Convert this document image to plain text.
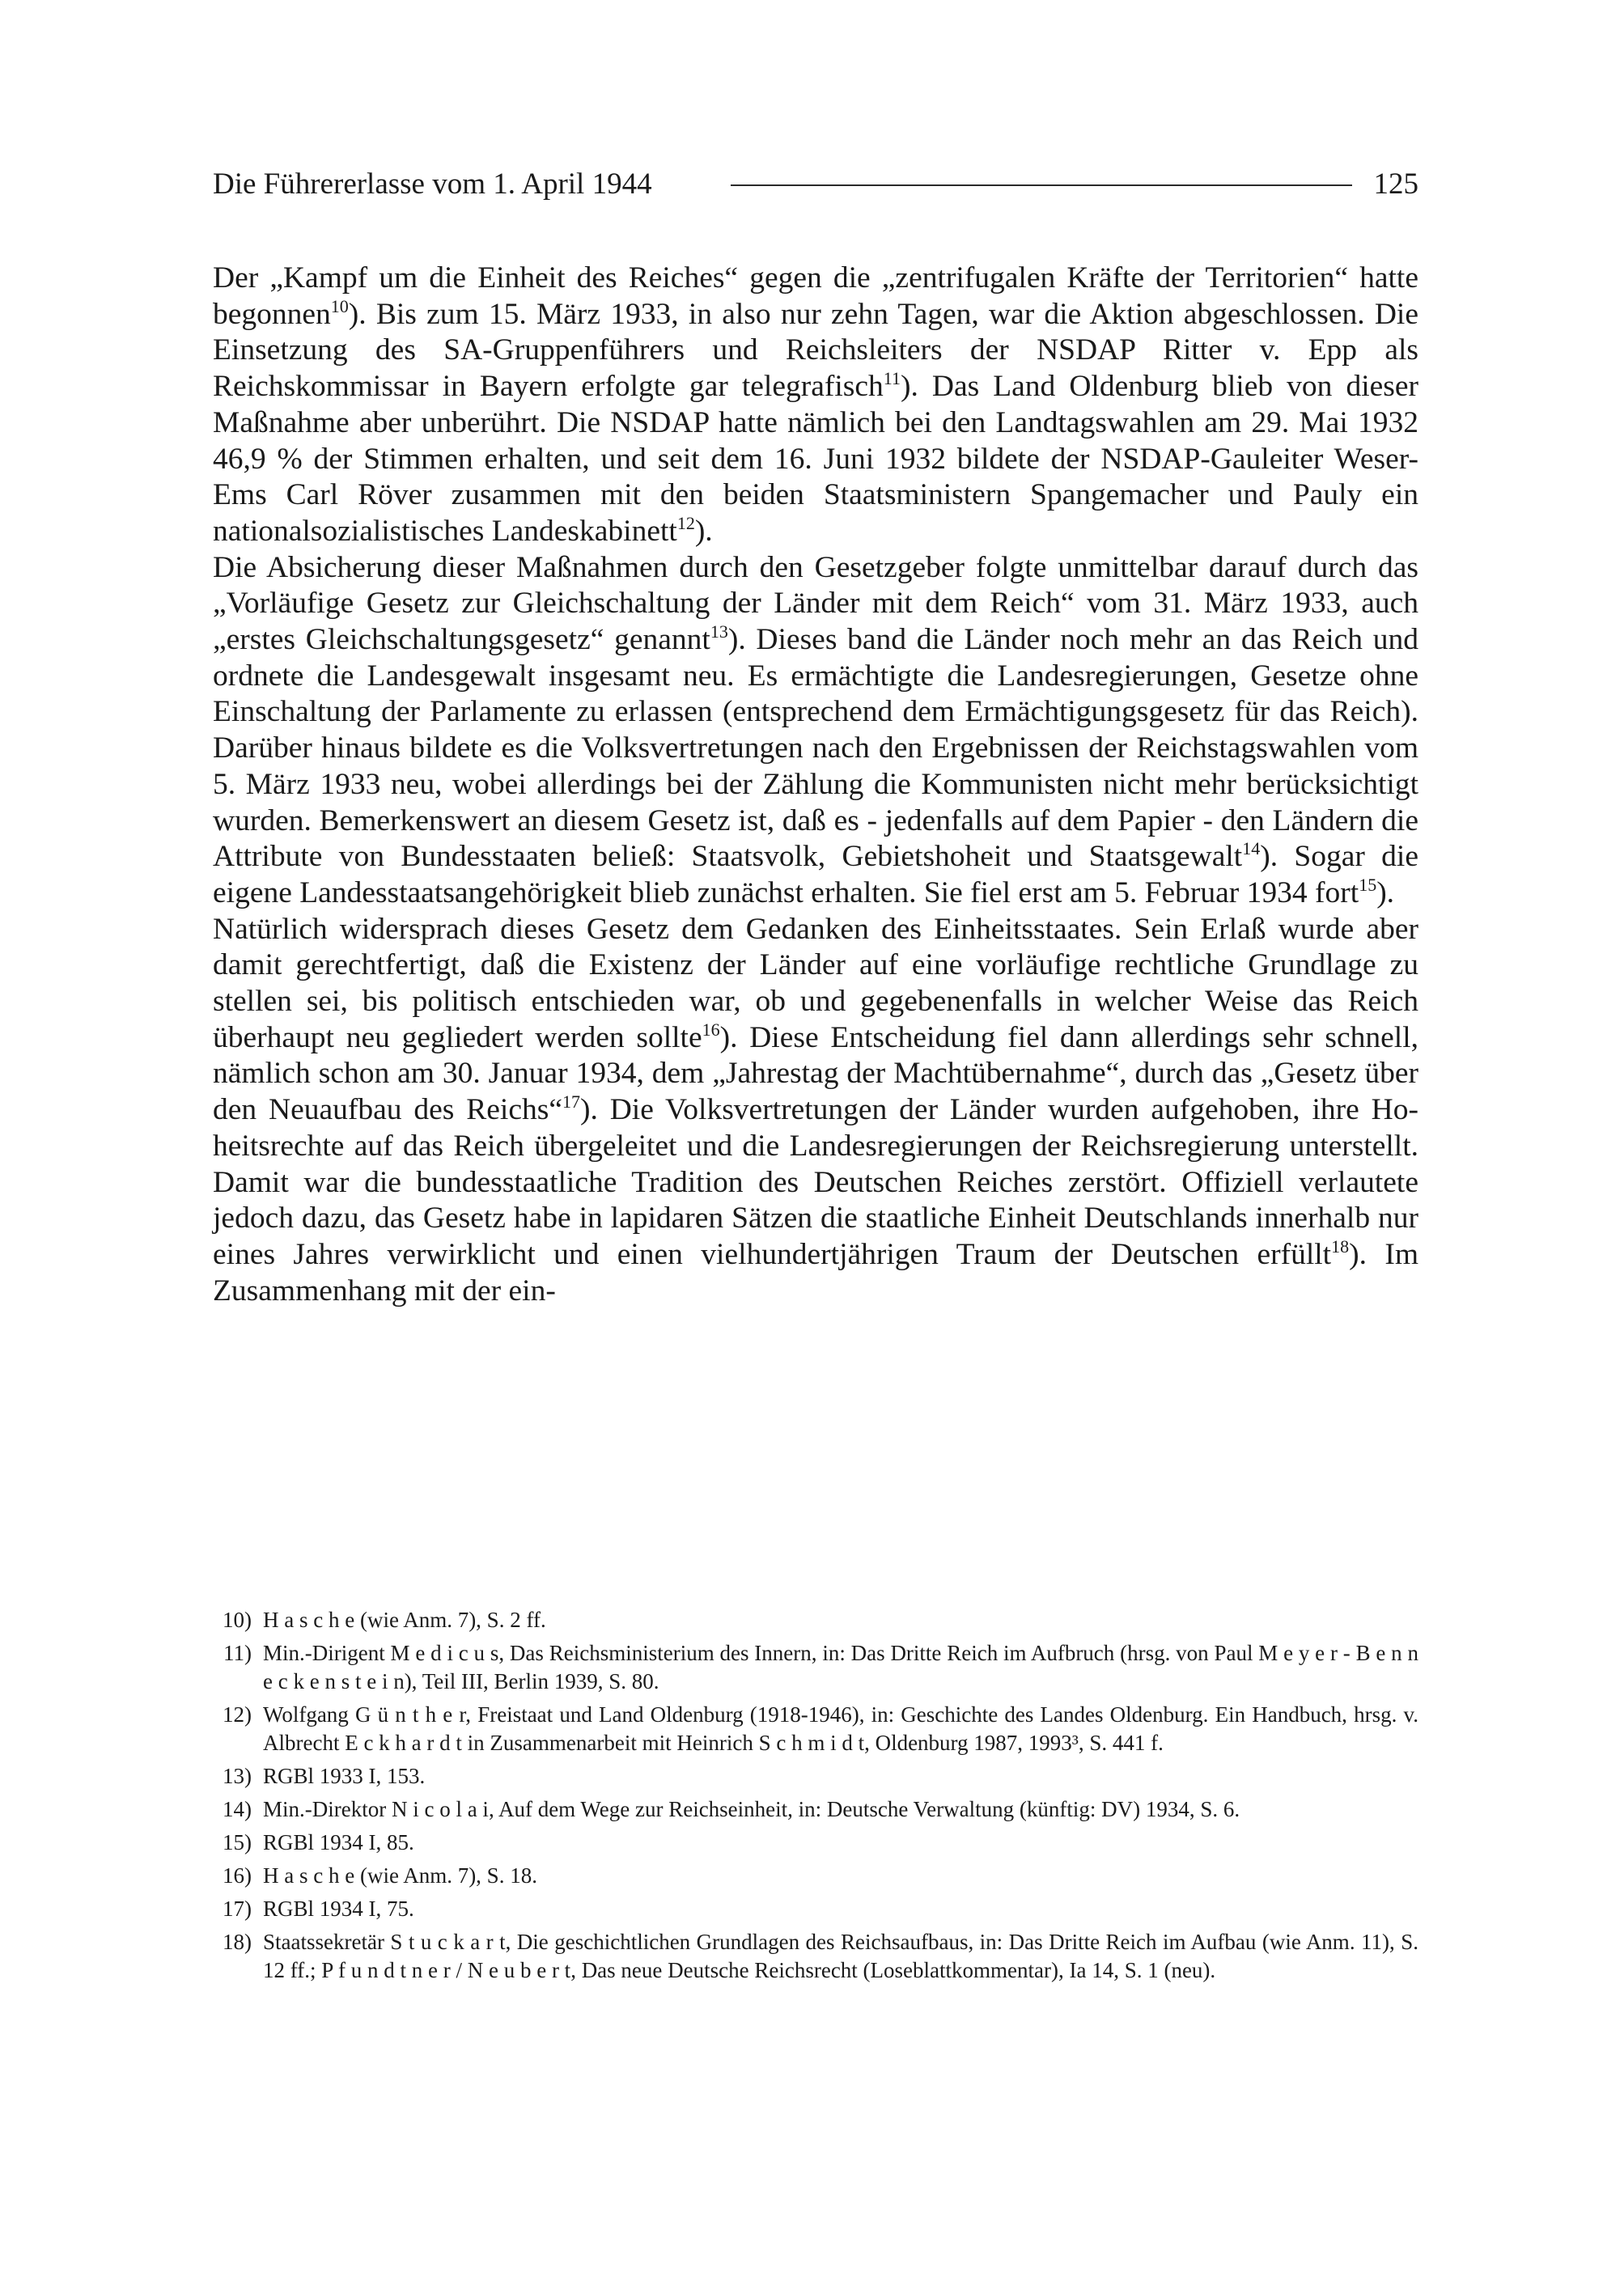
Die Führererlasse vom 1. April 1944	125

Der „Kampf um die Einheit des Reiches“ gegen die „zentrifugalen Kräfte der Territorien“ hatte begonnen$^{10}$). Bis zum 15. März 1933, in also nur zehn Tagen, war die Aktion abgeschlossen. Die Einsetzung des SA-Gruppenführers und Reichsleiters der NSDAP Ritter v. Epp als Reichskommissar in Bayern erfolgte gar telegrafisch$^{11}$). Das Land Oldenburg blieb von dieser Maßnahme aber unberührt. Die NSDAP hatte nämlich bei den Landtagswahlen am 29. Mai 1932 46,9 % der Stimmen erhalten, und seit dem 16. Juni 1932 bildete der NSDAP-Gauleiter Weser-Ems Carl Röver zusammen mit den beiden Staatsministern Spangemacher und Pauly ein nationalsozialistisches Landeskabinett$^{12}$).

Die Absicherung dieser Maßnahmen durch den Gesetzgeber folgte unmittelbar darauf durch das „Vorläufige Gesetz zur Gleichschaltung der Länder mit dem Reich“ vom 31. März 1933, auch „erstes Gleichschaltungsgesetz“ genannt$^{13}$). Dieses band die Länder noch mehr an das Reich und ordnete die Landesgewalt insgesamt neu. Es ermächtigte die Landesregierungen, Gesetze ohne Einschaltung der Parlamente zu erlassen (entsprechend dem Ermächtigungsgesetz für das Reich). Darüber hinaus bildete es die Volksvertretungen nach den Ergebnissen der Reichstagswahlen vom 5. März 1933 neu, wobei allerdings bei der Zählung die Kommunisten nicht mehr berücksichtigt wurden. Bemerkenswert an diesem Gesetz ist, daß es - jedenfalls auf dem Papier - den Ländern die Attribute von Bundesstaaten beließ: Staatsvolk, Gebietshoheit und Staatsgewalt$^{14}$). Sogar die eigene Landesstaatsangehörigkeit blieb zunächst erhalten. Sie fiel erst am 5. Februar 1934 fort$^{15}$).

Natürlich widersprach dieses Gesetz dem Gedanken des Einheitsstaates. Sein Erlaß wurde aber damit gerechtfertigt, daß die Existenz der Länder auf eine vorläufige rechtliche Grundlage zu stellen sei, bis politisch entschieden war, ob und gegebenenfalls in welcher Weise das Reich überhaupt neu gegliedert werden sollte$^{16}$). Diese Entscheidung fiel dann allerdings sehr schnell, nämlich schon am 30. Januar 1934, dem „Jahrestag der Machtübernahme“, durch das „Gesetz über den Neuaufbau des Reichs“$^{17}$). Die Volksvertretungen der Länder wurden aufgehoben, ihre Hoheitsrechte auf das Reich übergeleitet und die Landesregierungen der Reichsregierung unterstellt. Damit war die bundesstaatliche Tradition des Deutschen Reiches zerstört. Offiziell verlautete jedoch dazu, das Gesetz habe in lapidaren Sätzen die staatliche Einheit Deutschlands innerhalb nur eines Jahres verwirklicht und einen vielhundertjährigen Traum der Deutschen erfüllt$^{18}$). Im Zusammenhang mit der ein-

10) H a s c h e (wie Anm. 7), S. 2 ff.
11) Min.-Dirigent M e d i c u s, Das Reichsministerium des Innern, in: Das Dritte Reich im Aufbruch (hrsg. von Paul M e y e r - B e n n e c k e n s t e i n), Teil III, Berlin 1939, S. 80.
12) Wolfgang G ü n t h e r, Freistaat und Land Oldenburg (1918-1946), in: Geschichte des Landes Oldenburg. Ein Handbuch, hrsg. v. Albrecht E c k h a r d t in Zusammenarbeit mit Heinrich S c h m i d t, Oldenburg 1987, 1993³, S. 441 f.
13) RGBl 1933 I, 153.
14) Min.-Direktor N i c o l a i, Auf dem Wege zur Reichseinheit, in: Deutsche Verwaltung (künftig: DV) 1934, S. 6.
15) RGBl 1934 I, 85.
16) H a s c h e (wie Anm. 7), S. 18.
17) RGBl 1934 I, 75.
18) Staatssekretär S t u c k a r t, Die geschichtlichen Grundlagen des Reichsaufbaus, in: Das Dritte Reich im Aufbau (wie Anm. 11), S. 12 ff.; P f u n d t n e r / N e u b e r t, Das neue Deutsche Reichsrecht (Loseblattkommentar), Ia 14, S. 1 (neu).
